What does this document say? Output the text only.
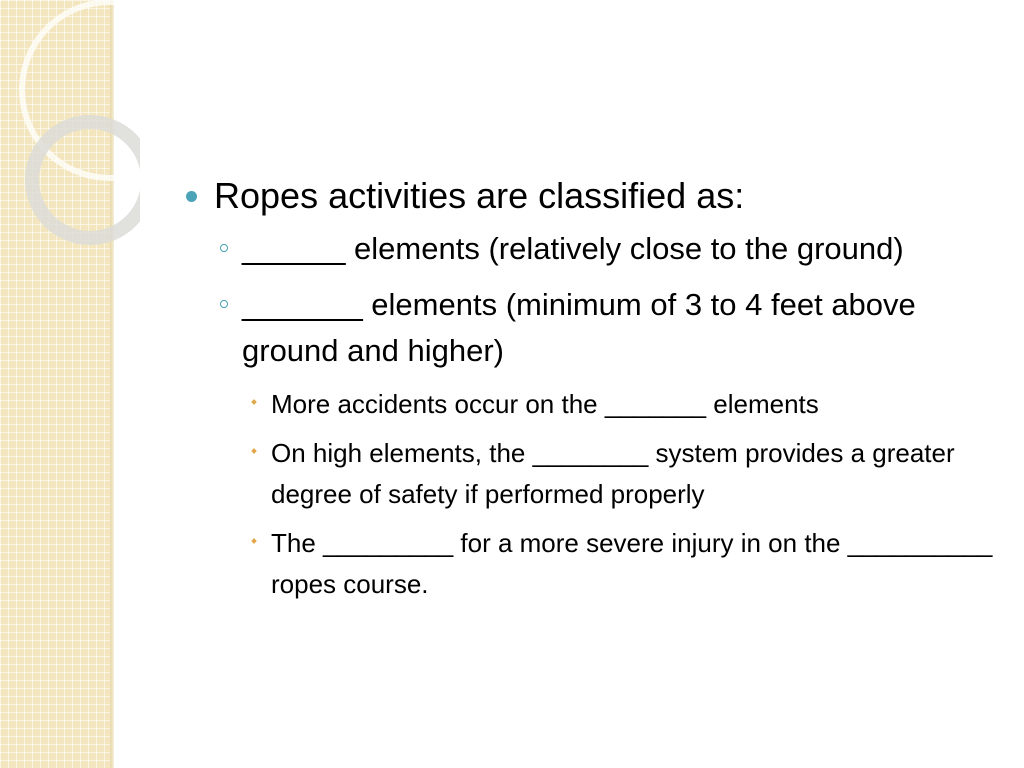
Ropes activities are classified as:
______ elements (relatively close to the ground)
_______ elements (minimum of 3 to 4 feet above ground and higher)
More accidents occur on the _______ elements
On high elements, the ________ system provides a greater degree of safety if performed properly
The _________ for a more severe injury in on the __________ ropes course.
